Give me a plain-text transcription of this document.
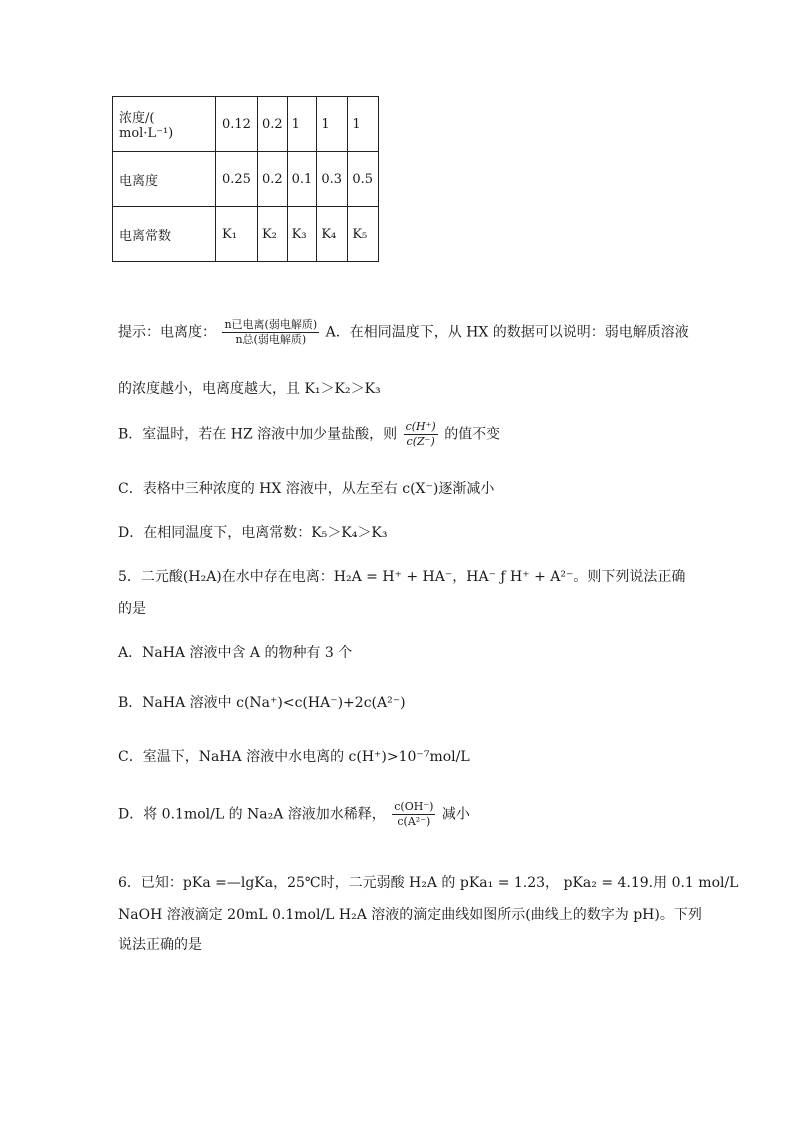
浓度/( mol·L⁻¹)	0.12	0.2	1	1	1
电离度	0.25	0.2	0.1	0.3	0.5
电离常数	K₁	K₂	K₃	K₄	K₅
提示：电离度： $\frac{\text{n已电离(弱电解质)}}{\text{n总(弱电解质)}}$ A．在相同温度下，从 HX 的数据可以说明：弱电解质溶液
的浓度越小，电离度越大，且 K₁＞K₂＞K₃
B．室温时，若在 HZ 溶液中加少量盐酸，则 $\frac{c(H^+)}{c(Z^-)}$ 的值不变
C．表格中三种浓度的 HX 溶液中，从左至右 c(X⁻)逐渐减小
D．在相同温度下，电离常数：K₅＞K₄＞K₃
5．二元酸(H₂A)在水中存在电离：H₂A = H⁺ + HA⁻，HA⁻ ƒ H⁺ + A²⁻。则下列说法正确
的是
A．NaHA 溶液中含 A 的物种有 3 个
B．NaHA 溶液中 c(Na⁺)<c(HA⁻)+2c(A²⁻)
C．室温下，NaHA 溶液中水电离的 c(H⁺)>10⁻⁷mol/L
D．将 0.1mol/L 的 Na₂A 溶液加水稀释， $\frac{c(OH^-)}{\text{c(A²⁻)}}$ 减小
6．已知：pKa =—lgKa，25℃时，二元弱酸 H₂A 的 pKa₁ = 1.23， pKa₂ = 4.19.用 0.1 mol/L
NaOH 溶液滴定 20mL 0.1mol/L H₂A 溶液的滴定曲线如图所示(曲线上的数字为 pH)。下列
说法正确的是
